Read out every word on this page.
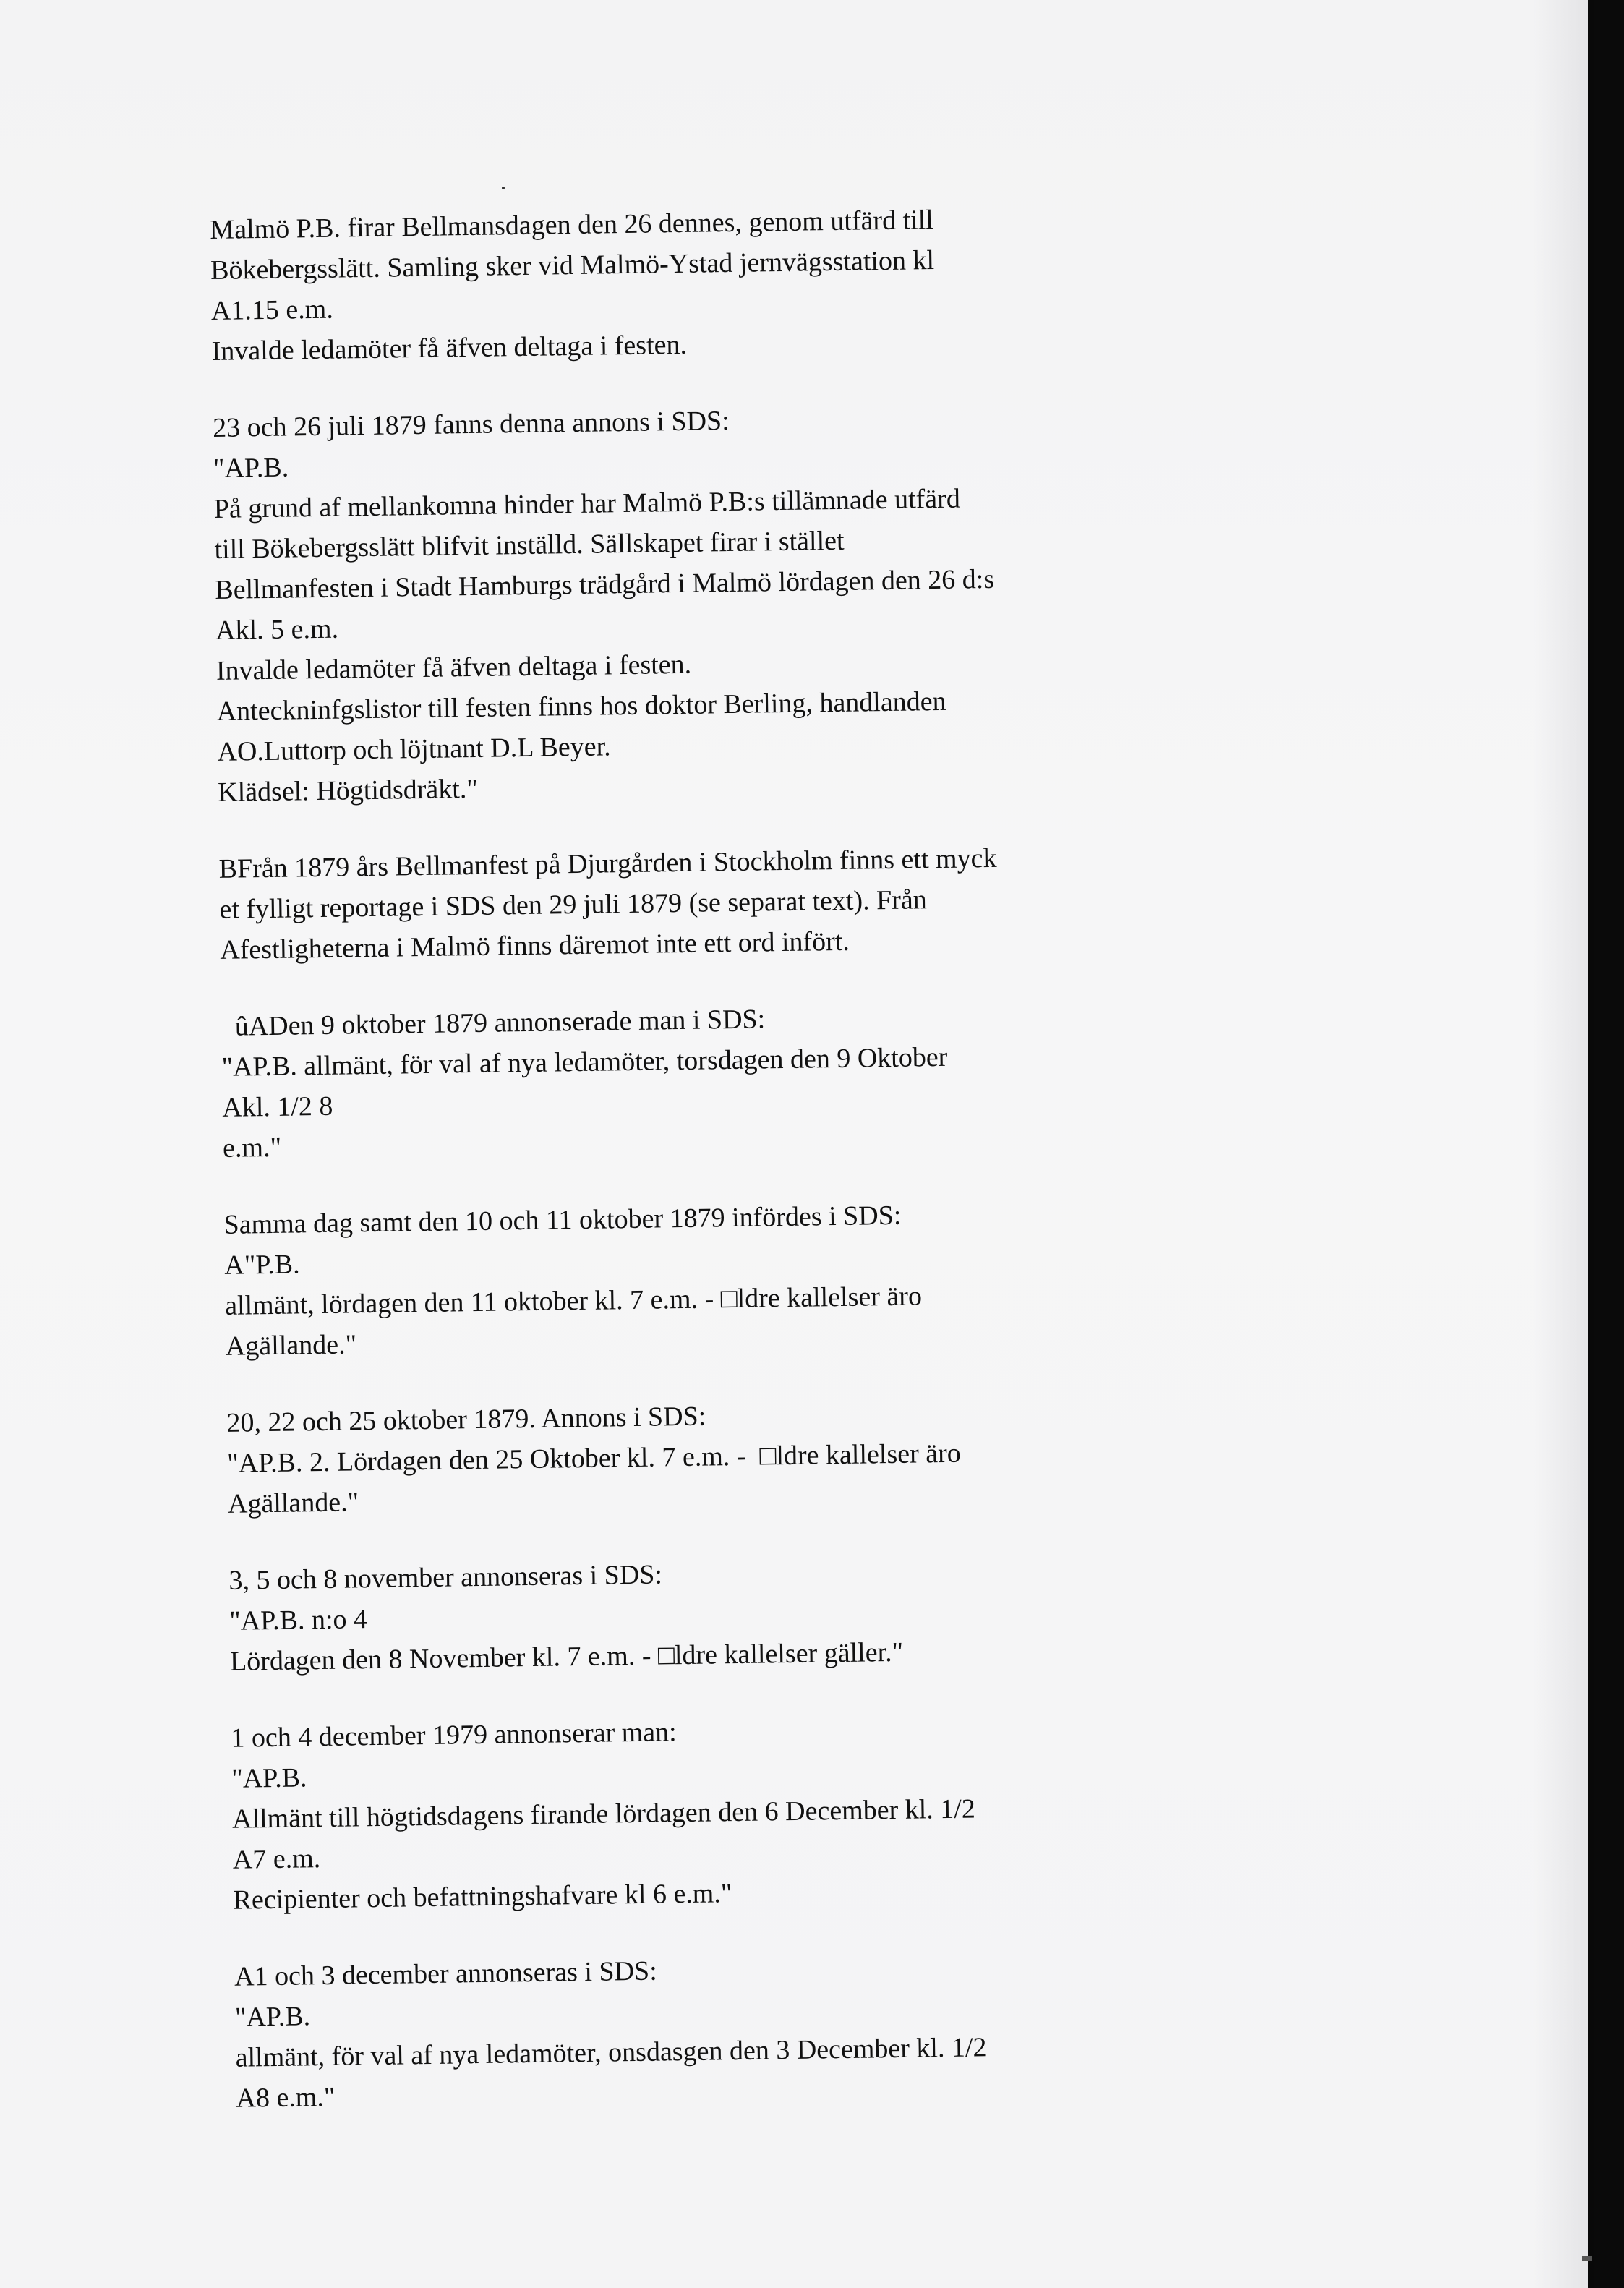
Malmö P.B. firar Bellmansdagen den 26 dennes, genom utfärd till
Bökebergsslätt. Samling sker vid Malmö-Ystad jernvägsstation kl
A1.15 e.m.
Invalde ledamöter få äfven deltaga i festen.
23 och 26 juli 1879 fanns denna annons i SDS:
"AP.B.
På grund af mellankomna hinder har Malmö P.B:s tillämnade utfärd
till Bökebergsslätt blifvit inställd. Sällskapet firar i stället
Bellmanfesten i Stadt Hamburgs trädgård i Malmö lördagen den 26 d:s
Akl. 5 e.m.
Invalde ledamöter få äfven deltaga i festen.
Anteckninfgslistor till festen finns hos doktor Berling, handlanden
AO.Luttorp och löjtnant D.L Beyer.
Klädsel: Högtidsdräkt."
BFrån 1879 års Bellmanfest på Djurgården i Stockholm finns ett myck
et fylligt reportage i SDS den 29 juli 1879 (se separat text). Från
Afestligheterna i Malmö finns däremot inte ett ord infört.
ûADen 9 oktober 1879 annonserade man i SDS:
"AP.B. allmänt, för val af nya ledamöter, torsdagen den 9 Oktober
Akl. 1/2 8
e.m."
Samma dag samt den 10 och 11 oktober 1879 infördes i SDS:
A"P.B.
allmänt, lördagen den 11 oktober kl. 7 e.m. - □ldre kallelser äro
Agällande."
20, 22 och 25 oktober 1879. Annons i SDS:
"AP.B. 2. Lördagen den 25 Oktober kl. 7 e.m. -  □ldre kallelser äro
Agällande."
3, 5 och 8 november annonseras i SDS:
"AP.B. n:o 4
Lördagen den 8 November kl. 7 e.m. - □ldre kallelser gäller."
1 och 4 december 1979 annonserar man:
"AP.B.
Allmänt till högtidsdagens firande lördagen den 6 December kl. 1/2
A7 e.m.
Recipienter och befattningshafvare kl 6 e.m."
A1 och 3 december annonseras i SDS:
"AP.B.
allmänt, för val af nya ledamöter, onsdasgen den 3 December kl. 1/2
A8 e.m."
